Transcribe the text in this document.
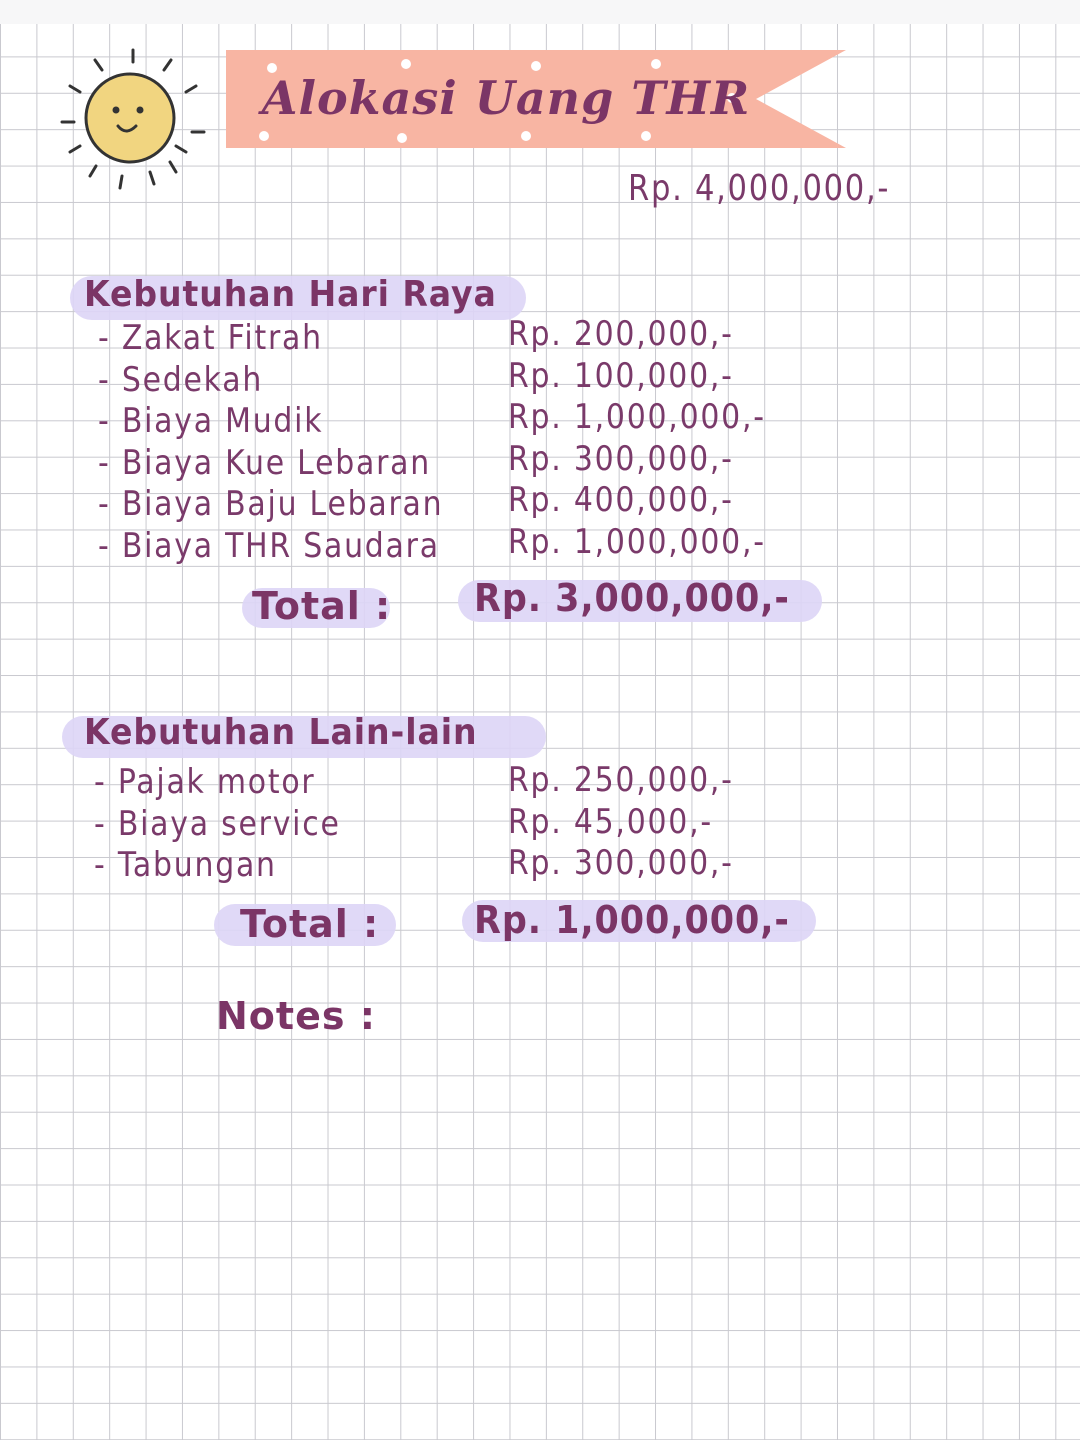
Alokasi Uang THR
Rp. 4,000,000,-
Kebutuhan Hari Raya
- Zakat Fitrah
- Sedekah
- Biaya Mudik
- Biaya Kue Lebaran
- Biaya Baju Lebaran
- Biaya THR Saudara
Rp. 200,000,-
Rp. 100,000,-
Rp. 1,000,000,-
Rp. 300,000,-
Rp. 400,000,-
Rp. 1,000,000,-
Total : Rp. 3,000,000,-
Kebutuhan Lain-lain
- Pajak motor
- Biaya service
- Tabungan
Rp. 250,000,-
Rp. 45,000,-
Rp. 300,000,-
Total : Rp. 1,000,000,-
Notes :
